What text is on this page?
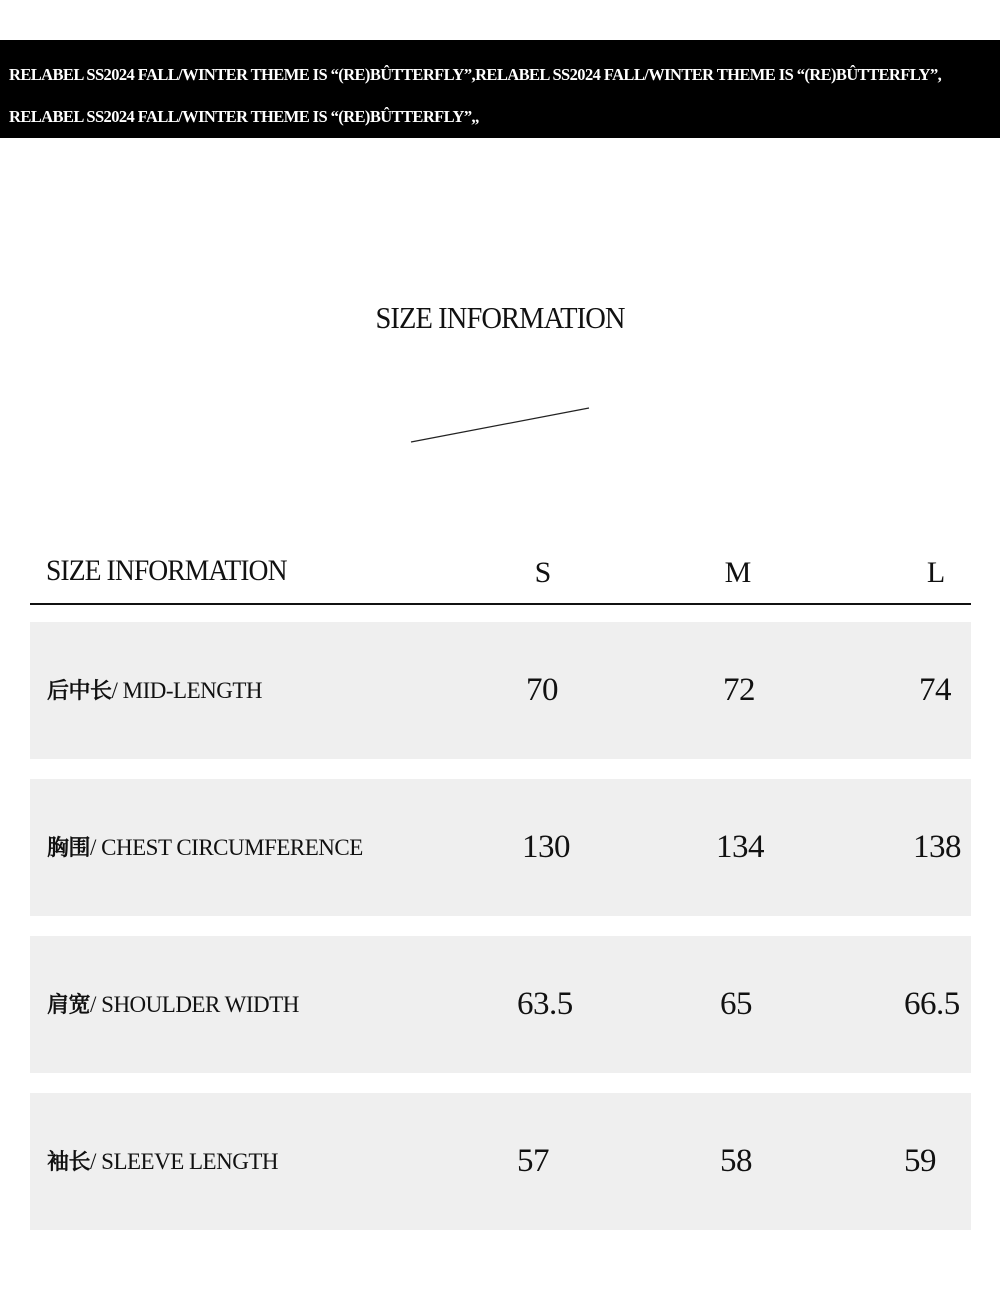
RELABEL SS2024 FALL/WINTER THEME IS “(RE)BÛTTERFLY”,RELABEL SS2024 FALL/WINTER THEME IS “(RE)BÛTTERFLY”,
RELABEL SS2024 FALL/WINTER THEME IS “(RE)BÛTTERFLY”,,
SIZE INFORMATION
SIZE INFORMATION	S	M	L
后中长/ MID-LENGTH	70	72	74
胸围/ CHEST CIRCUMFERENCE	130	134	138
肩宽/ SHOULDER WIDTH	63.5	65	66.5
袖长/ SLEEVE LENGTH	57	58	59
